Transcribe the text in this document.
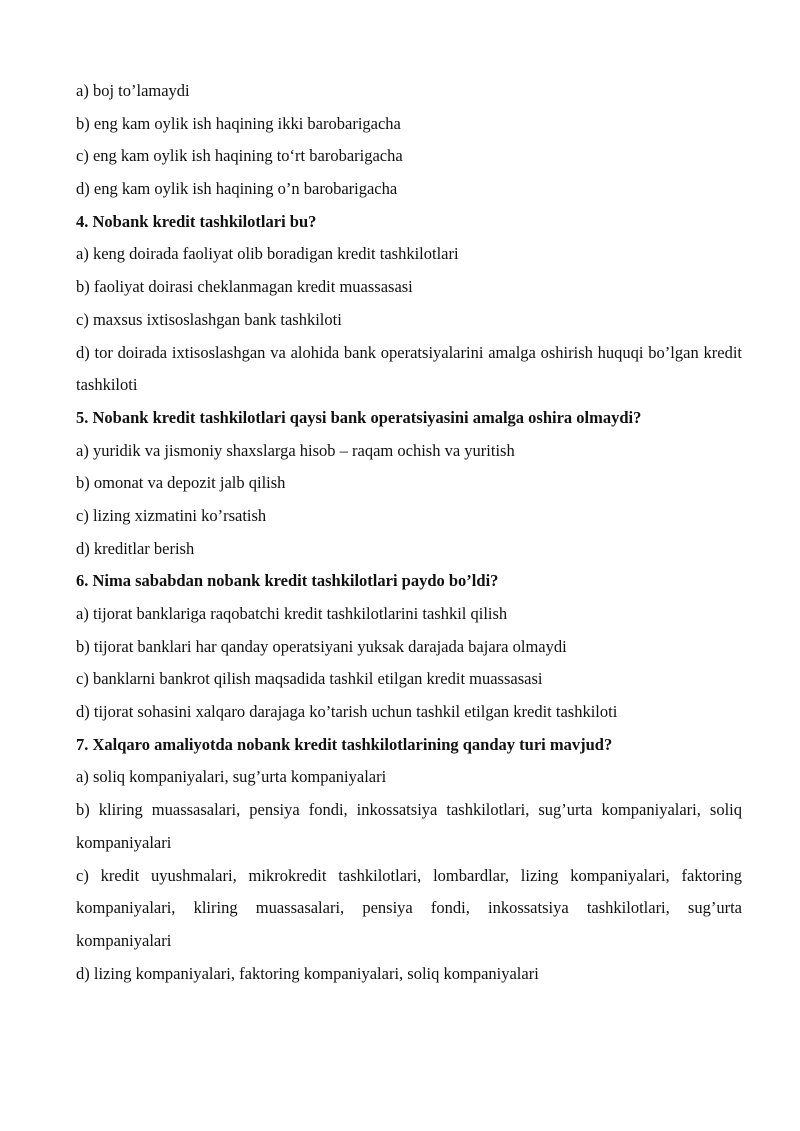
a) boj to’lamaydi
b) eng kam oylik ish haqining ikki barobarigacha
c) eng kam oylik ish haqining to‘rt barobarigacha
d) eng kam oylik ish haqining o’n barobarigacha
4. Nobank kredit tashkilotlari bu?
a) keng doirada faoliyat olib boradigan kredit tashkilotlari
b) faoliyat doirasi cheklanmagan kredit muassasasi
c) maxsus ixtisoslashgan bank tashkiloti

d) tor doirada ixtisoslashgan va alohida bank operatsiyalarini amalga oshirish huquqi bo’lgan kredit tashkiloti

5. Nobank kredit tashkilotlari qaysi bank operatsiyasini amalga oshira olmaydi?
a) yuridik va jismoniy shaxslarga hisob – raqam ochish va yuritish
b) omonat va depozit jalb qilish
c) lizing xizmatini ko’rsatish
d) kreditlar berish
6. Nima sababdan nobank kredit tashkilotlari paydo bo’ldi?
a) tijorat banklariga raqobatchi kredit tashkilotlarini tashkil qilish
b) tijorat banklari har qanday operatsiyani yuksak darajada bajara olmaydi
c) banklarni bankrot qilish maqsadida tashkil etilgan kredit muassasasi
d) tijorat sohasini xalqaro darajaga ko’tarish uchun tashkil etilgan kredit tashkiloti
7. Xalqaro amaliyotda nobank kredit tashkilotlarining qanday turi mavjud?
a) soliq kompaniyalari, sug’urta kompaniyalari

b) kliring muassasalari, pensiya fondi, inkossatsiya tashkilotlari, sug’urta kompaniyalari, soliq kompaniyalari

c) kredit uyushmalari, mikrokredit tashkilotlari, lombardlar, lizing kompaniyalari, faktoring kompaniyalari, kliring muassasalari, pensiya fondi, inkossatsiya tashkilotlari, sug’urta kompaniyalari

d) lizing kompaniyalari, faktoring kompaniyalari, soliq kompaniyalari
